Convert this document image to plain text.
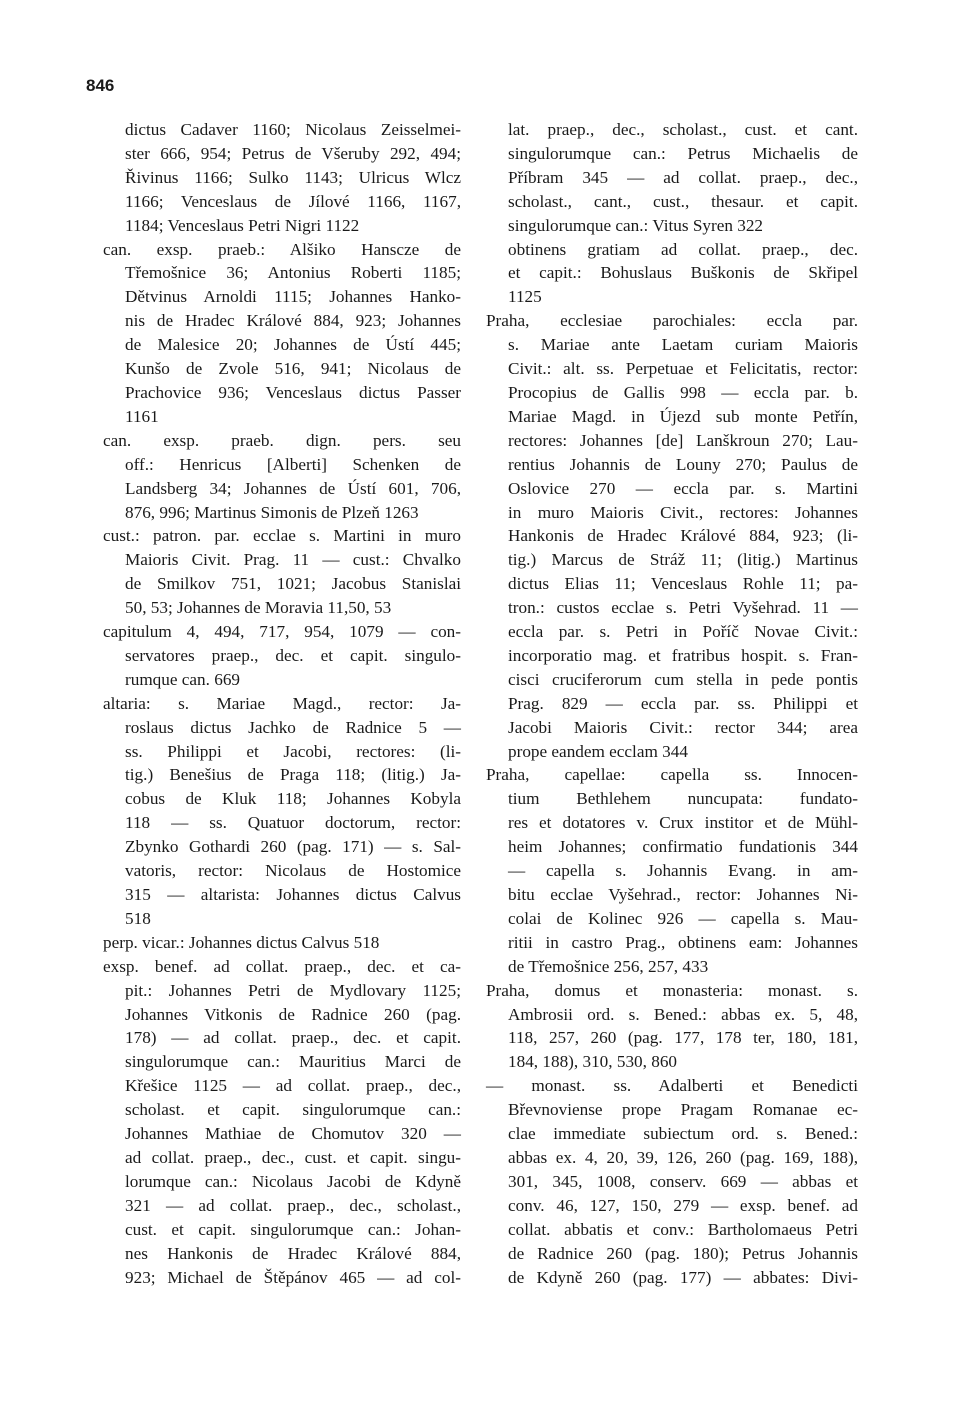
846
dictus Cadaver 1160; Nicolaus Zeisselmei-
ster 666, 954; Petrus de Všeruby 292, 494;
Řivinus 1166; Sulko 1143; Ulricus Wlcz
1166; Venceslaus de Jílové 1166, 1167,
1184; Venceslaus Petri Nigri 1122
can. exsp. praeb.: Alšiko Hanscze de
Třemošnice 36; Antonius Roberti 1185;
Dětvinus Arnoldi 1115; Johannes Hanko-
nis de Hradec Králové 884, 923; Johannes
de Malesice 20; Johannes de Ústí 445;
Kunšo de Zvole 516, 941; Nicolaus de
Prachovice 936; Venceslaus dictus Passer
1161
can. exsp. praeb. dign. pers. seu
off.: Henricus [Alberti] Schenken de
Landsberg 34; Johannes de Ústí 601, 706,
876, 996; Martinus Simonis de Plzeň 1263
cust.: patron. par. ecclae s. Martini in muro
Maioris Civit. Prag. 11 — cust.: Chvalko
de Smilkov 751, 1021; Jacobus Stanislai
50, 53; Johannes de Moravia 11,50, 53
capitulum 4, 494, 717, 954, 1079 — con-
servatores praep., dec. et capit. singulo-
rumque can. 669
altaria: s. Mariae Magd., rector: Ja-
roslaus dictus Jachko de Radnice 5 —
ss. Philippi et Jacobi, rectores: (li-
tig.) Benešius de Praga 118; (litig.) Ja-
cobus de Kluk 118; Johannes Kobyla
118 — ss. Quatuor doctorum, rector:
Zbynko Gothardi 260 (pag. 171) — s. Sal-
vatoris, rector: Nicolaus de Hostomice
315 — altarista: Johannes dictus Calvus
518
perp. vicar.: Johannes dictus Calvus 518
exsp. benef. ad collat. praep., dec. et ca-
pit.: Johannes Petri de Mydlovary 1125;
Johannes Vitkonis de Radnice 260 (pag.
178) — ad collat. praep., dec. et capit.
singulorumque can.: Mauritius Marci de
Křešice 1125 — ad collat. praep., dec.,
scholast. et capit. singulorumque can.:
Johannes Mathiae de Chomutov 320 —
ad collat. praep., dec., cust. et capit. singu-
lorumque can.: Nicolaus Jacobi de Kdyně
321 — ad collat. praep., dec., scholast.,
cust. et capit. singulorumque can.: Johan-
nes Hankonis de Hradec Králové 884,
923; Michael de Štěpánov 465 — ad col-
lat. praep., dec., scholast., cust. et cant.
singulorumque can.: Petrus Michaelis de
Příbram 345 — ad collat. praep., dec.,
scholast., cant., cust., thesaur. et capit.
singulorumque can.: Vitus Syren 322
obtinens gratiam ad collat. praep., dec.
et capit.: Bohuslaus Buškonis de Skřipel
1125
Praha, ecclesiae parochiales: eccla par.
s. Mariae ante Laetam curiam Maioris
Civit.: alt. ss. Perpetuae et Felicitatis, rector:
Procopius de Gallis 998 — eccla par. b.
Mariae Magd. in Újezd sub monte Petřín,
rectores: Johannes [de] Lanškroun 270; Lau-
rentius Johannis de Louny 270; Paulus de
Oslovice 270 — eccla par. s. Martini
in muro Maioris Civit., rectores: Johannes
Hankonis de Hradec Králové 884, 923; (li-
tig.) Marcus de Stráž 11; (litig.) Martinus
dictus Elias 11; Venceslaus Rohle 11; pa-
tron.: custos ecclae s. Petri Vyšehrad. 11 —
eccla par. s. Petri in Poříč Novae Civit.:
incorporatio mag. et fratribus hospit. s. Fran-
cisci cruciferorum cum stella in pede pontis
Prag. 829 — eccla par. ss. Philippi et
Jacobi Maioris Civit.: rector 344; area
prope eandem ecclam 344
Praha, capellae: capella ss. Innocen-
tium Bethlehem nuncupata: fundato-
res et dotatores v. Crux institor et de Mühl-
heim Johannes; confirmatio fundationis 344
— capella s. Johannis Evang. in am-
bitu ecclae Vyšehrad., rector: Johannes Ni-
colai de Kolinec 926 — capella s. Mau-
ritii in castro Prag., obtinens eam: Johannes
de Třemošnice 256, 257, 433
Praha, domus et monasteria: monast. s.
Ambrosii ord. s. Bened.: abbas ex. 5, 48,
118, 257, 260 (pag. 177, 178 ter, 180, 181,
184, 188), 310, 530, 860
— monast. ss. Adalberti et Benedicti
Břevnoviense prope Pragam Romanae ec-
clae immediate subiectum ord. s. Bened.:
abbas ex. 4, 20, 39, 126, 260 (pag. 169, 188),
301, 345, 1008, conserv. 669 — abbas et
conv. 46, 127, 150, 279 — exsp. benef. ad
collat. abbatis et conv.: Bartholomaeus Petri
de Radnice 260 (pag. 180); Petrus Johannis
de Kdyně 260 (pag. 177) — abbates: Divi-
